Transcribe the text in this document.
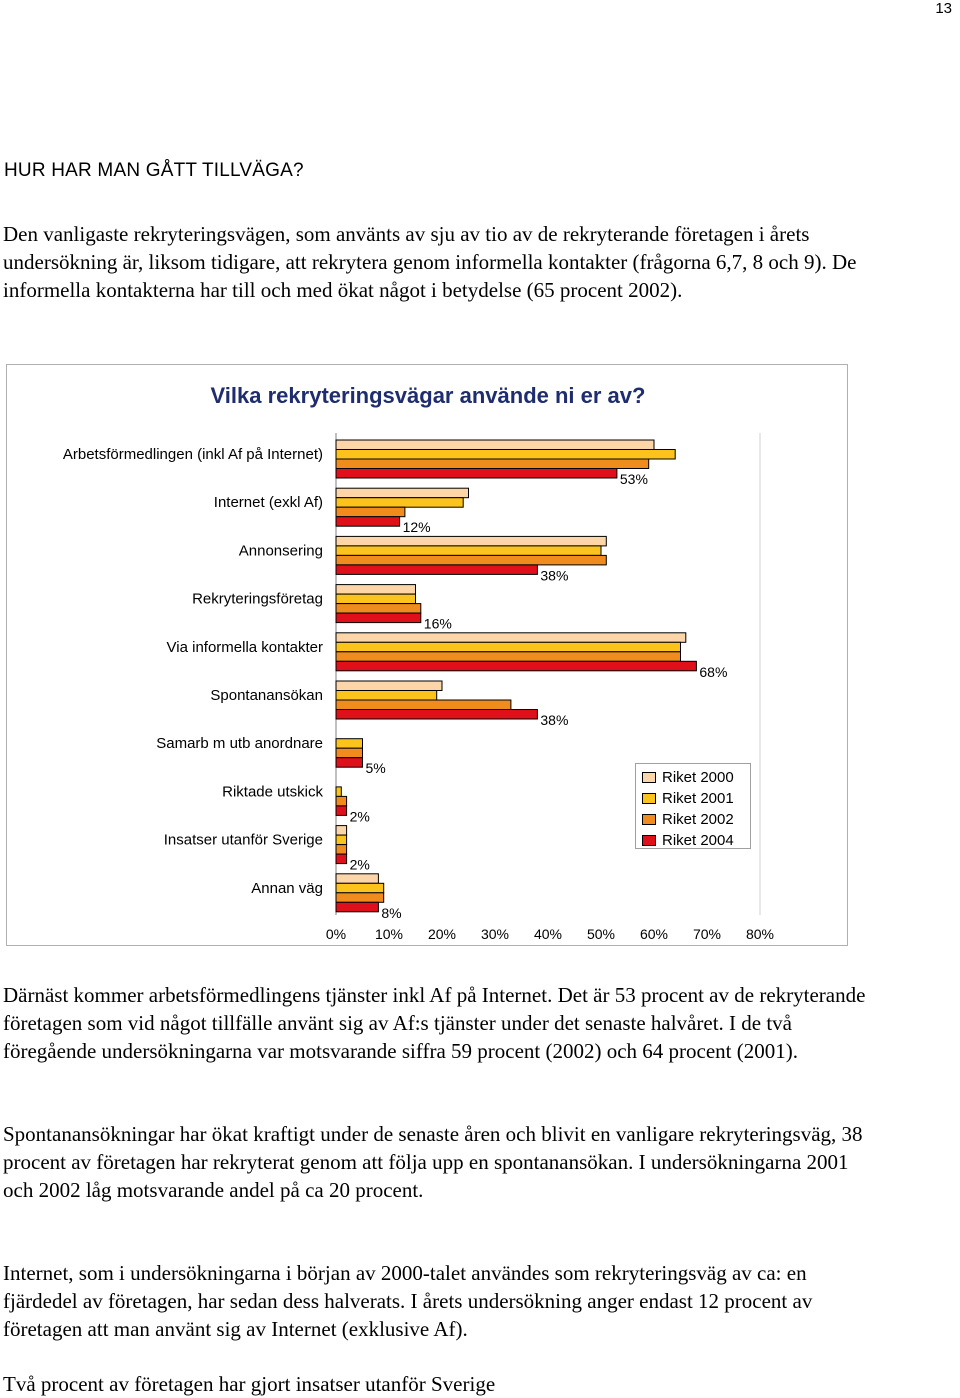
13
HUR HAR MAN GÅTT TILLVÄGA?

Den vanligaste rekryteringsvägen, som använts av sju av tio av de rekryterande företagen i årets undersökning är, liksom tidigare, att rekrytera genom informella kontakter (frågorna 6,7, 8 och 9). De informella kontakterna har till och med ökat något i betydelse (65 procent 2002).

Vilka rekryteringsvägar använde ni er av?
Arbetsförmedlingen (inkl Af på Internet)
53%
Internet (exkl Af)
12%
Annonsering
38%
Rekryteringsföretag
16%
Via informella kontakter
68%
Spontanansökan
38%
Samarb m utb anordnare
5%
Riktade utskick
2%
Insatser utanför Sverige
2%
Annan väg
8%
0% 10% 20% 30% 40% 50% 60% 70% 80%
Riket 2000
Riket 2001
Riket 2002
Riket 2004

Därnäst kommer arbetsförmedlingens tjänster inkl Af på Internet. Det är 53 procent av de rekryterande företagen som vid något tillfälle använt sig av Af:s tjänster under det senaste halvåret. I de två föregående undersökningarna var motsvarande siffra 59 procent (2002) och 64 procent (2001).

Spontanansökningar har ökat kraftigt under de senaste åren och blivit en vanligare rekryteringsväg, 38 procent av företagen har rekryterat genom att följa upp en spontanansökan. I undersökningarna 2001 och 2002 låg motsvarande andel på ca 20 procent.

Internet, som i undersökningarna i början av 2000-talet användes som rekryteringsväg av ca: en fjärdedel av företagen, har sedan dess halverats. I årets undersökning anger endast 12 procent av företagen att man använt sig av Internet (exklusive Af).

Två procent av företagen har gjort insatser utanför Sverige
